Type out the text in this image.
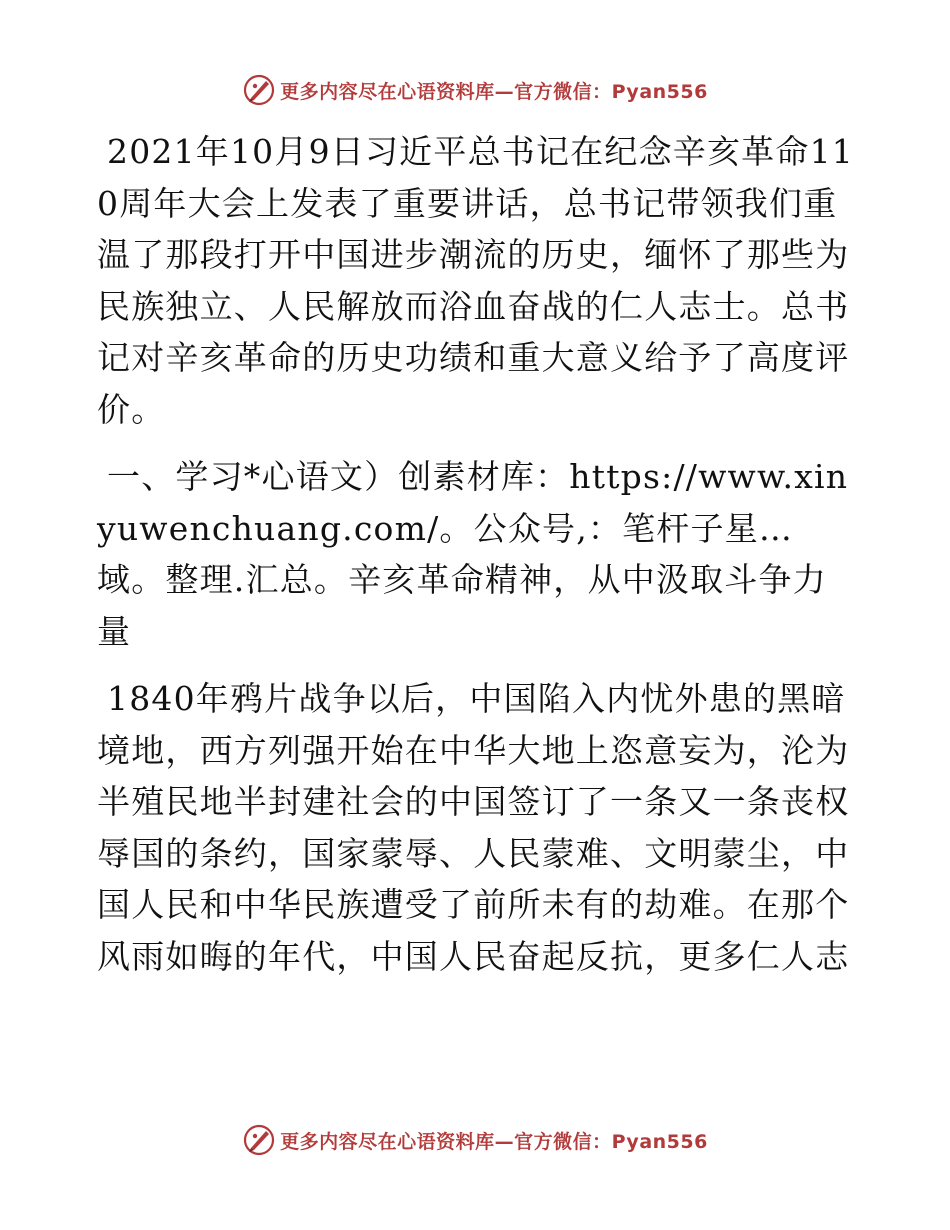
更多内容尽在心语资料库—官方微信：Pyan556

2021年10月9日习近平总书记在纪念辛亥革命110周年大会上发表了重要讲话，总书记带领我们重温了那段打开中国进步潮流的历史，缅怀了那些为民族独立、人民解放而浴血奋战的仁人志士。总书记对辛亥革命的历史功绩和重大意义给予了高度评价。

一、学习*心语文）创素材库：https://www.xinyuwenchuang.com/。公众号,：笔杆子星…域。整理.汇总。辛亥革命精神，从中汲取斗争力量

1840年鸦片战争以后，中国陷入内忧外患的黑暗境地，西方列强开始在中华大地上恣意妄为，沦为半殖民地半封建社会的中国签订了一条又一条丧权辱国的条约，国家蒙辱、人民蒙难、文明蒙尘，中国人民和中华民族遭受了前所未有的劫难。在那个风雨如晦的年代，中国人民奋起反抗，更多仁人志

更多内容尽在心语资料库—官方微信：Pyan556
